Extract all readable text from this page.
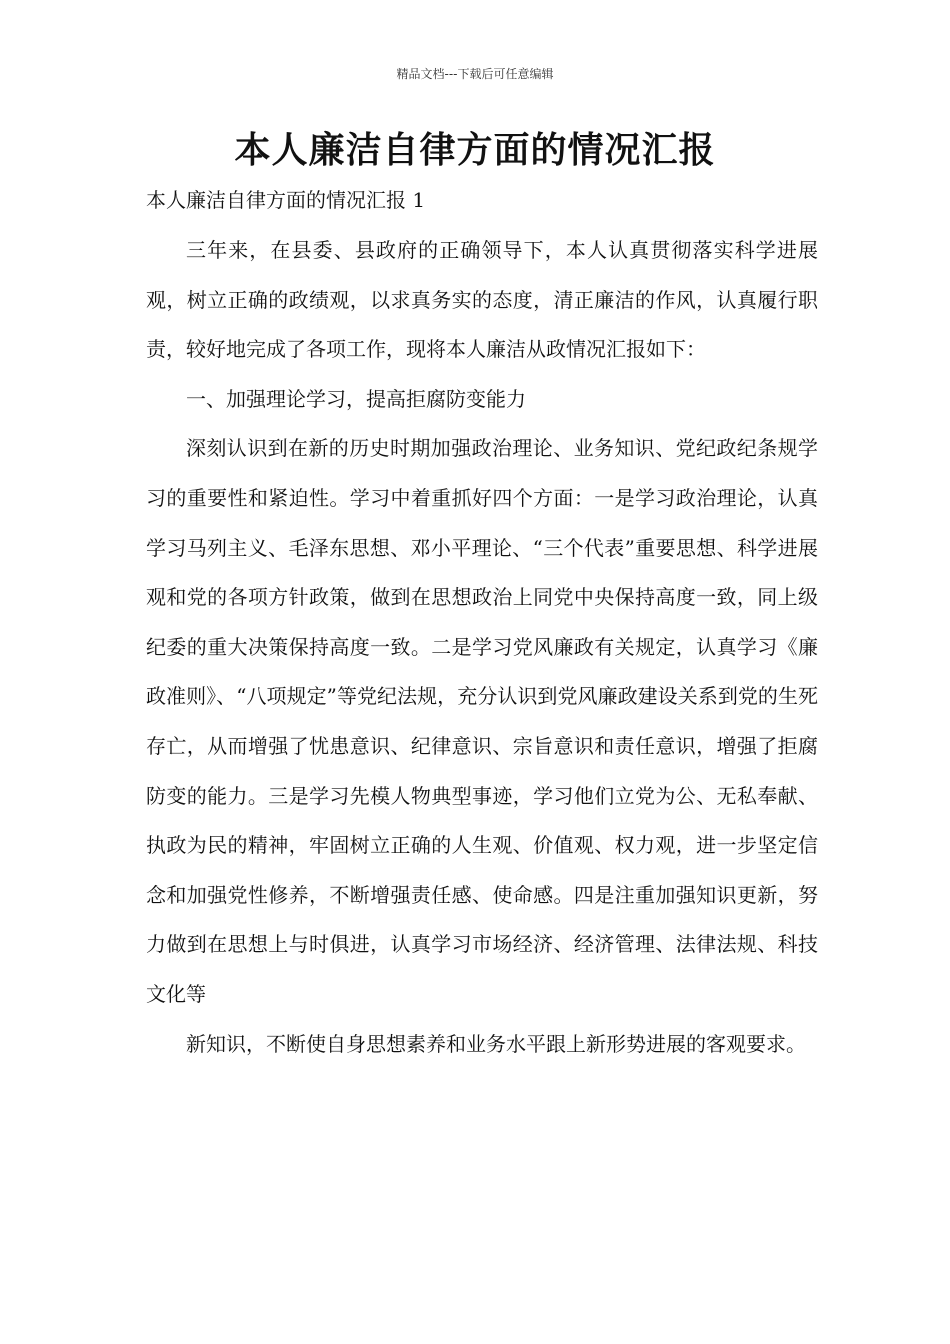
精品文档---下载后可任意编辑
本人廉洁自律方面的情况汇报
本人廉洁自律方面的情况汇报 1

三年来，在县委、县政府的正确领导下，本人认真贯彻落实科学进展观，树立正确的政绩观，以求真务实的态度，清正廉洁的作风，认真履行职责，较好地完成了各项工作，现将本人廉洁从政情况汇报如下：

一、加强理论学习，提高拒腐防变能力

深刻认识到在新的历史时期加强政治理论、业务知识、党纪政纪条规学习的重要性和紧迫性。学习中着重抓好四个方面：一是学习政治理论，认真学习马列主义、毛泽东思想、邓小平理论、“三个代表”重要思想、科学进展观和党的各项方针政策，做到在思想政治上同党中央保持高度一致，同上级纪委的重大决策保持高度一致。二是学习党风廉政有关规定，认真学习《廉政准则》、“八项规定”等党纪法规，充分认识到党风廉政建设关系到党的生死存亡，从而增强了忧患意识、纪律意识、宗旨意识和责任意识，增强了拒腐防变的能力。三是学习先模人物典型事迹，学习他们立党为公、无私奉献、执政为民的精神，牢固树立正确的人生观、价值观、权力观，进一步坚定信念和加强党性修养，不断增强责任感、使命感。四是注重加强知识更新，努力做到在思想上与时俱进，认真学习市场经济、经济管理、法律法规、科技文化等

新知识，不断使自身思想素养和业务水平跟上新形势进展的客观要求。
